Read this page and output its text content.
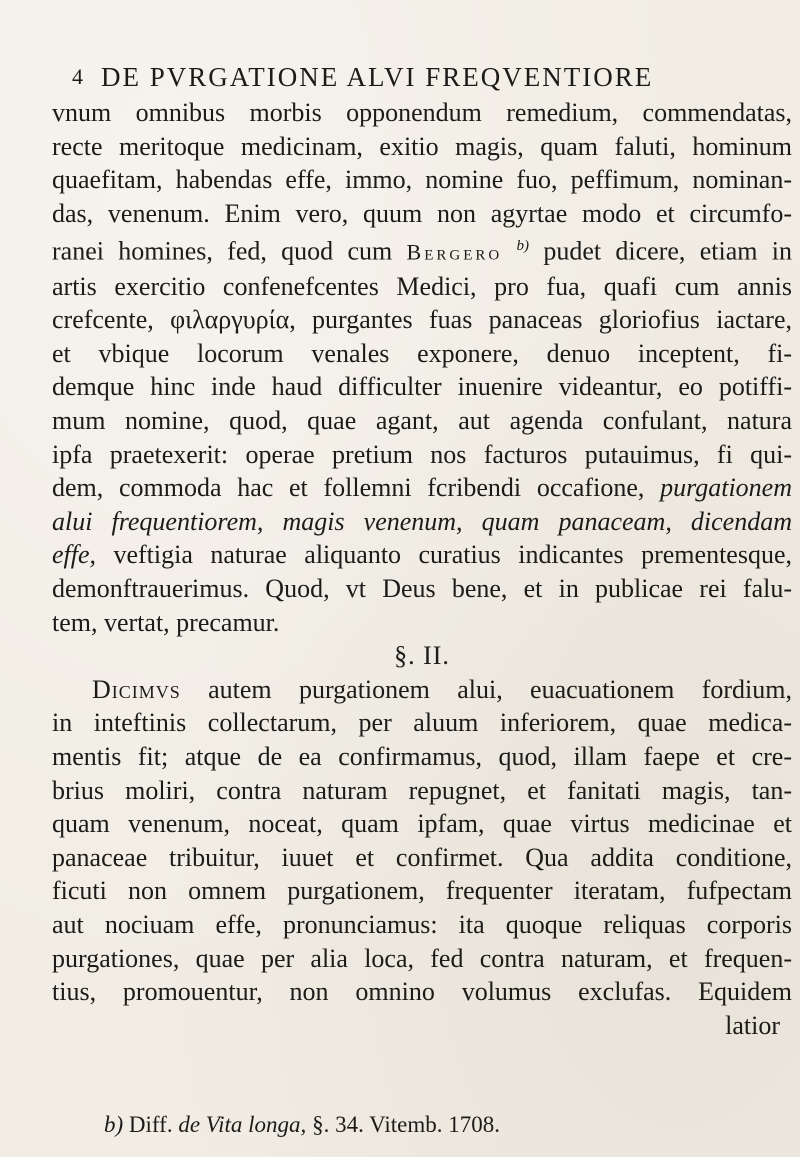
4 DE PVRGATIONE ALVI FREQVENTIORE
vnum omnibus morbis opponendum remedium, commendatas,
recte meritoque medicinam, exitio magis, quam faluti, hominum
quaefitam, habendas effe, immo, nomine fuo, peffimum, nominan-
das, venenum. Enim vero, quum non agyrtae modo et circumfo-
ranei homines, fed, quod cum Bergero $^{b)}$ pudet dicere, etiam in
artis exercitio confenefcentes Medici, pro fua, quafi cum annis
crefcente, φιλαργυρία, purgantes fuas panaceas gloriofius iactare,
et vbique locorum venales exponere, denuo inceptent, fi-
demque hinc inde haud difficulter inuenire videantur, eo potiffi-
mum nomine, quod, quae agant, aut agenda confulant, natura
ipfa praetexerit: operae pretium nos facturos putauimus, fi qui-
dem, commoda hac et follemni fcribendi occafione, purgationem
alui frequentiorem, magis venenum, quam panaceam, dicendam
effe, veftigia naturae aliquanto curatius indicantes prementesque,
demonftrauerimus. Quod, vt Deus bene, et in publicae rei falu-
tem, vertat, precamur.
§. II.
Dicimvs autem purgationem alui, euacuationem fordium,
in inteftinis collectarum, per aluum inferiorem, quae medica-
mentis fit; atque de ea confirmamus, quod, illam faepe et cre-
brius moliri, contra naturam repugnet, et fanitati magis, tan-
quam venenum, noceat, quam ipfam, quae virtus medicinae et
panaceae tribuitur, iuuet et confirmet. Qua addita conditione,
ficuti non omnem purgationem, frequenter iteratam, fufpectam
aut nociuam effe, pronunciamus: ita quoque reliquas corporis
purgationes, quae per alia loca, fed contra naturam, et frequen-
tius, promouentur, non omnino volumus exclufas. Equidem
latior
b) Diff. de Vita longa, §. 34. Vitemb. 1708.
